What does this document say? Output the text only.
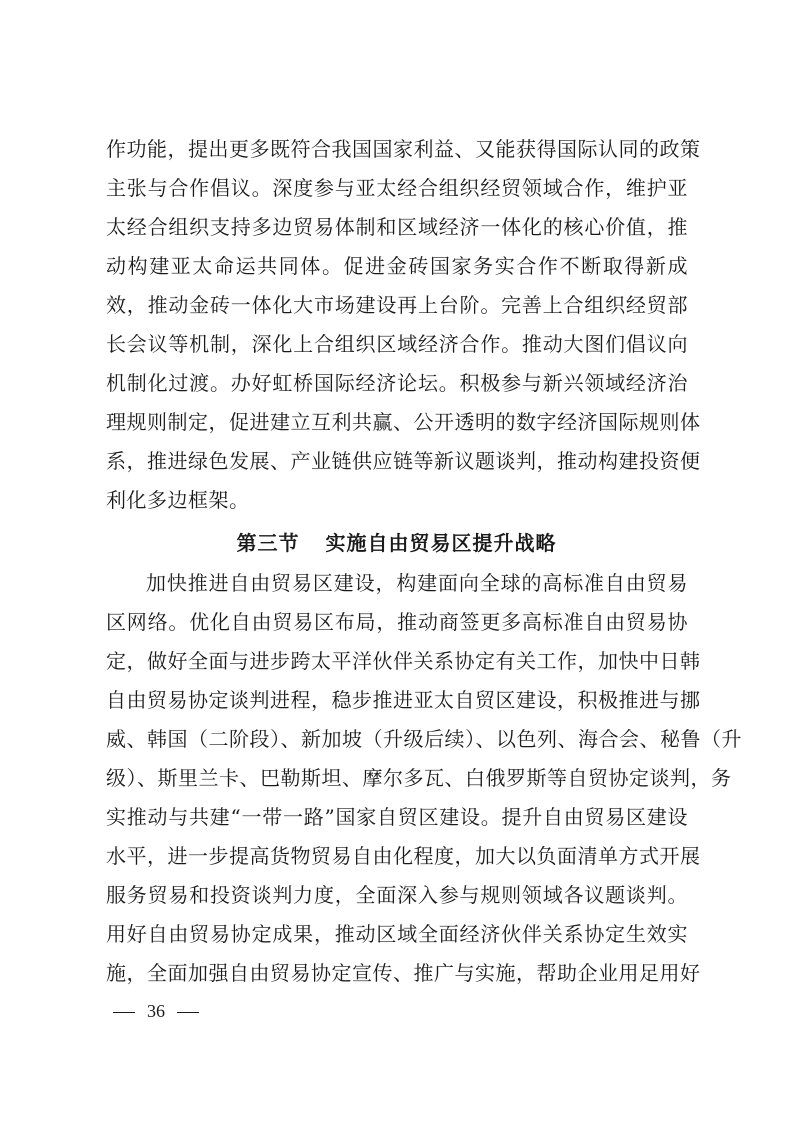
作功能，提出更多既符合我国国家利益、又能获得国际认同的政策
主张与合作倡议。深度参与亚太经合组织经贸领域合作，维护亚
太经合组织支持多边贸易体制和区域经济一体化的核心价值，推
动构建亚太命运共同体。促进金砖国家务实合作不断取得新成
效，推动金砖一体化大市场建设再上台阶。完善上合组织经贸部
长会议等机制，深化上合组织区域经济合作。推动大图们倡议向
机制化过渡。办好虹桥国际经济论坛。积极参与新兴领域经济治
理规则制定，促进建立互利共赢、公开透明的数字经济国际规则体
系，推进绿色发展、产业链供应链等新议题谈判，推动构建投资便
利化多边框架。
第三节 实施自由贸易区提升战略
加快推进自由贸易区建设，构建面向全球的高标准自由贸易
区网络。优化自由贸易区布局，推动商签更多高标准自由贸易协
定，做好全面与进步跨太平洋伙伴关系协定有关工作，加快中日韩
自由贸易协定谈判进程，稳步推进亚太自贸区建设，积极推进与挪
威、韩国（二阶段）、新加坡（升级后续）、以色列、海合会、秘鲁（升
级）、斯里兰卡、巴勒斯坦、摩尔多瓦、白俄罗斯等自贸协定谈判，务
实推动与共建“一带一路”国家自贸区建设。提升自由贸易区建设
水平，进一步提高货物贸易自由化程度，加大以负面清单方式开展
服务贸易和投资谈判力度，全面深入参与规则领域各议题谈判。
用好自由贸易协定成果，推动区域全面经济伙伴关系协定生效实
施，全面加强自由贸易协定宣传、推广与实施，帮助企业用足用好
36
